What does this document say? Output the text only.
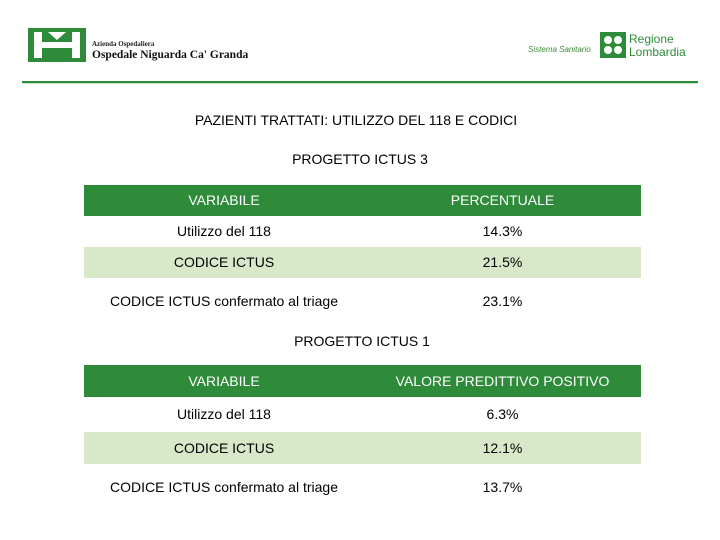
Azienda Ospedaliera
Ospedale Niguarda Ca' Granda	Sistema Sanitario
Regione
Lombardia
PAZIENTI TRATTATI: UTILIZZO DEL 118 E CODICI
PROGETTO ICTUS 3
VARIABILE	PERCENTUALE
Utilizzo del 118	14.3%
CODICE ICTUS	21.5%
CODICE ICTUS confermato al triage	23.1%
PROGETTO ICTUS 1
VARIABILE	VALORE PREDITTIVO POSITIVO
Utilizzo del 118	6.3%
CODICE ICTUS	12.1%
CODICE ICTUS confermato al triage	13.7%
